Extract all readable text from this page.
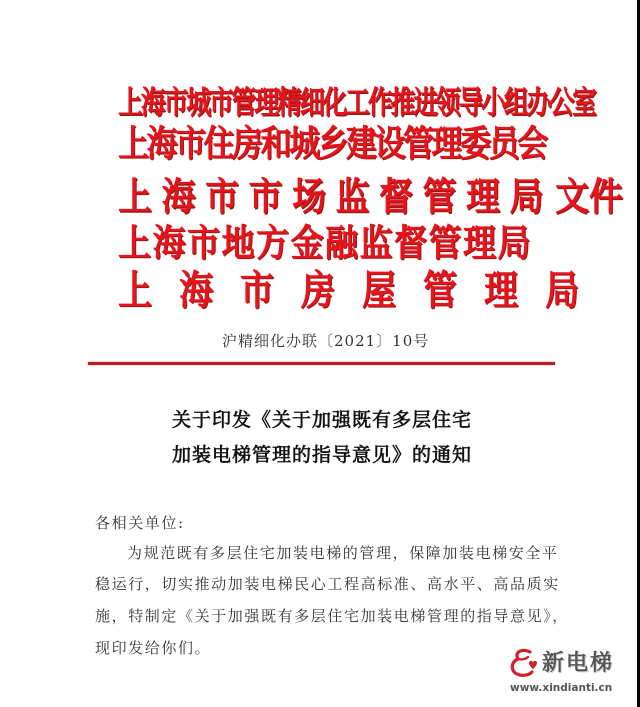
上海市城市管理精细化工作推进领导小组办公室
上海市住房和城乡建设管理委员会
上海市市场监督管理局文件
上海市地方金融监督管理局
上海市房屋管理局
沪精细化办联〔2021〕10号
关于印发《关于加强既有多层住宅
加装电梯管理的指导意见》的通知
各相关单位:
为规范既有多层住宅加装电梯的管理，保障加装电梯安全平
稳运行，切实推动加装电梯民心工程高标准、高水平、高品质实
施，特制定《关于加强既有多层住宅加装电梯管理的指导意见》，
现印发给你们。
新电梯
www.xindianti.cn
